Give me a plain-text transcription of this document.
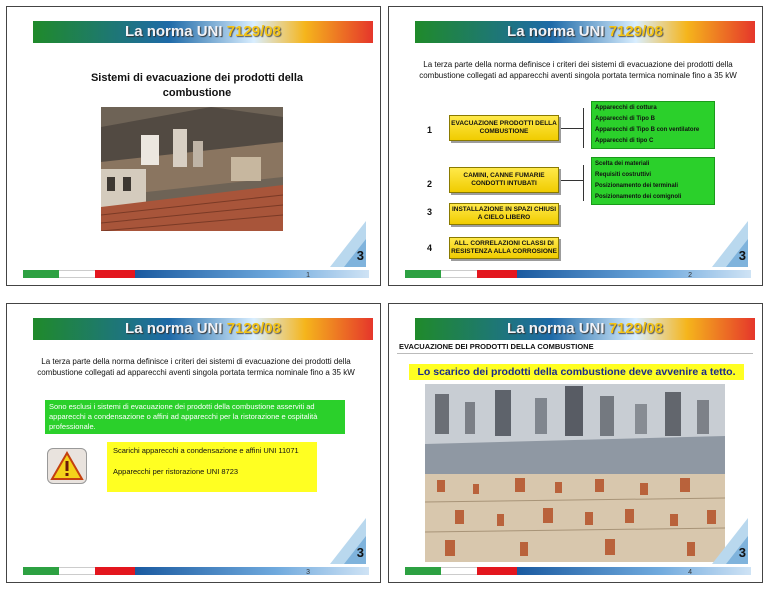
La norma UNI 7129/08
Sistemi di evacuazione dei prodotti della
combustione
3
1
La norma UNI 7129/08
La terza parte della norma definisce i criteri dei sistemi di evacuazione dei prodotti della combustione collegati ad apparecchi aventi singola portata termica nominale fino a 35 kW
1
EVACUAZIONE PRODOTTI DELLA COMBUSTIONE
Apparecchi di cottura
Apparecchi di Tipo B
Apparecchi di Tipo B con ventilatore
Apparecchi di tipo C
2
CAMINI, CANNE FUMARIE CONDOTTI INTUBATI
Scelta dei materiali
Requisiti costruttivi
Posizionamento dei terminali
Posizionamento dei comignoli
3	INSTALLAZIONE IN SPAZI CHIUSI A CIELO LIBERO
4	ALL. CORRELAZIONI CLASSI DI RESISTENZA ALLA CORROSIONE	3
2
La norma UNI 7129/08
La terza parte della norma definisce i criteri dei sistemi di evacuazione dei prodotti della combustione collegati ad apparecchi aventi singola portata termica nominale fino a 35 kW
Sono esclusi i sistemi di evacuazione dei prodotti della combustione asserviti ad apparecchi a condensazione o affini ad apparecchi per la ristorazione e ospitalità professionale.

Scarichi apparecchi a condensazione e affini UNI 11071

Apparecchi per ristorazione UNI 8723

3
3
La norma UNI 7129/08
EVACUAZIONE DEI PRODOTTI DELLA COMBUSTIONE
Lo scarico dei prodotti della combustione deve avvenire a tetto.
3
4
